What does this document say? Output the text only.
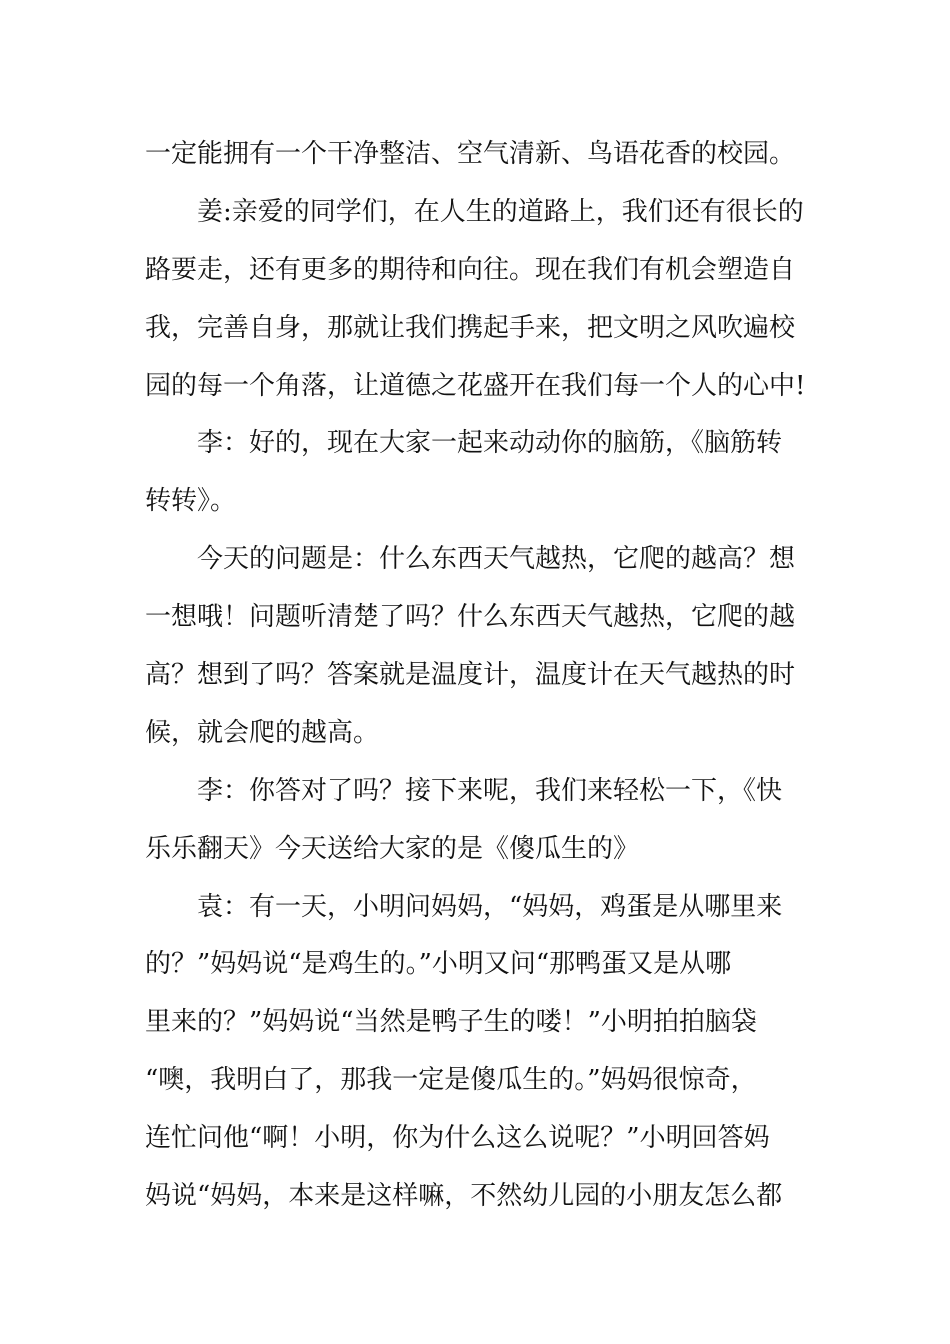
一定能拥有一个干净整洁、空气清新、鸟语花香的校园。
姜:亲爱的同学们，在人生的道路上，我们还有很长的
路要走，还有更多的期待和向往。现在我们有机会塑造自
我，完善自身，那就让我们携起手来，把文明之风吹遍校
园的每一个角落，让道德之花盛开在我们每一个人的心中!
李：好的，现在大家一起来动动你的脑筋，《脑筋转
转转》。
今天的问题是：什么东西天气越热，它爬的越高？想
一想哦！问题听清楚了吗？什么东西天气越热，它爬的越
高？想到了吗？答案就是温度计，温度计在天气越热的时
候，就会爬的越高。
李：你答对了吗？接下来呢，我们来轻松一下，《快
乐乐翻天》今天送给大家的是《傻瓜生的》
袁：有一天，小明问妈妈，“妈妈，鸡蛋是从哪里来
的？”妈妈说“是鸡生的。”小明又问“那鸭蛋又是从哪
里来的？”妈妈说“当然是鸭子生的喽！”小明拍拍脑袋
“噢，我明白了，那我一定是傻瓜生的。”妈妈很惊奇，
连忙问他“啊！小明，你为什么这么说呢？”小明回答妈
妈说“妈妈，本来是这样嘛，不然幼儿园的小朋友怎么都
